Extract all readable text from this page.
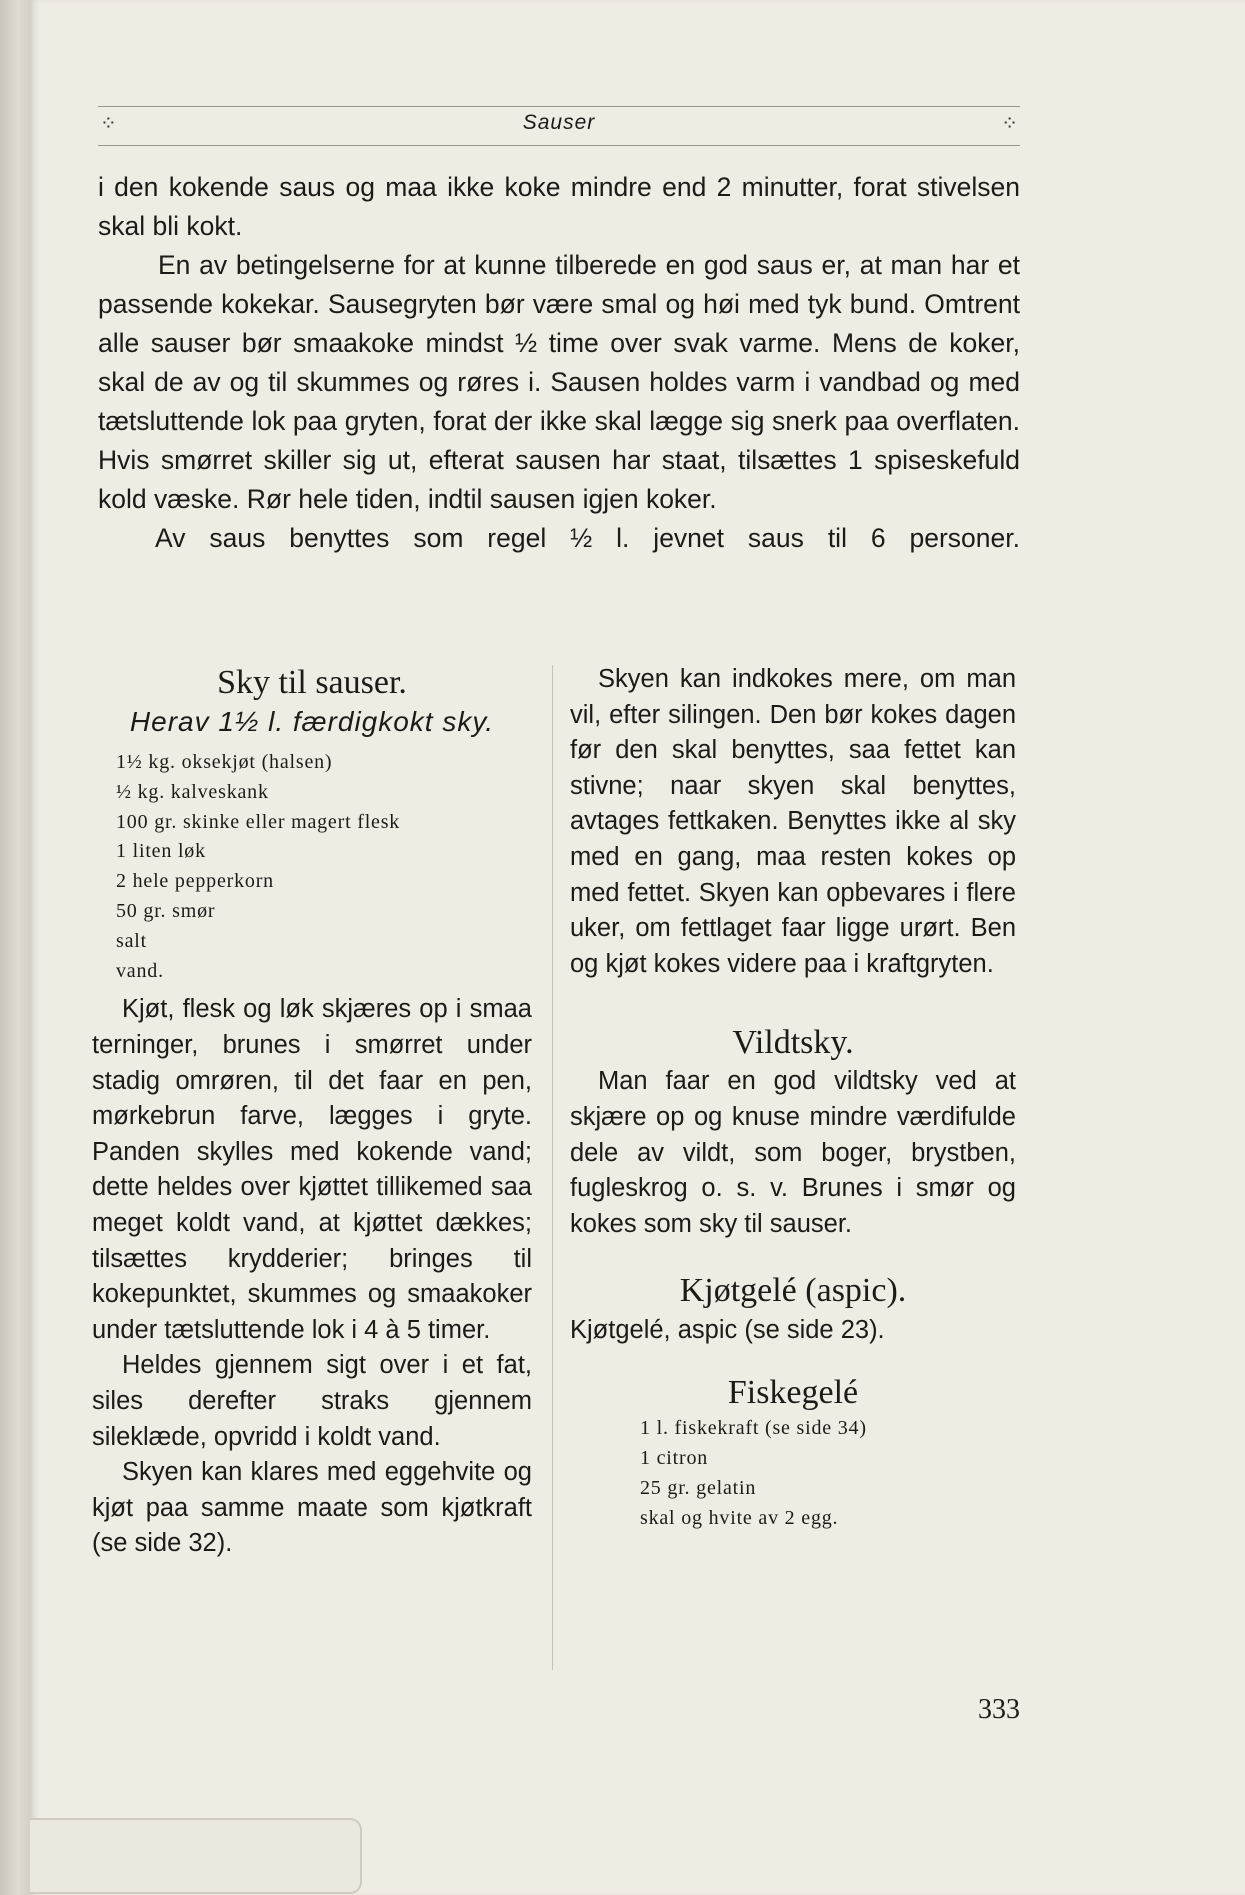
⁘	Sauser	⁘

i den kokende saus og maa ikke koke mindre end 2 minutter, forat stivelsen skal bli kokt.

En av betingelserne for at kunne tilberede en god saus er, at man har et passende kokekar. Sausegryten bør være smal og høi med tyk bund. Omtrent alle sauser bør smaakoke mindst ½ time over svak varme. Mens de koker, skal de av og til skummes og røres i. Sausen holdes varm i vandbad og med tætsluttende lok paa gryten, forat der ikke skal lægge sig snerk paa overflaten. Hvis smørret skiller sig ut, efterat sausen har staat, tilsættes 1 spiseskefuld kold væske. Rør hele tiden, indtil sausen igjen koker.

Av saus benyttes som regel ½ l. jevnet saus til 6 personer.

Sky til sauser.
Herav 1½ l. færdigkokt sky.
1½ kg. oksekjøt (halsen)
½ kg. kalveskank
100 gr. skinke eller magert flesk
1 liten løk
2 hele pepperkorn
50 gr. smør
salt
vand.

Kjøt, flesk og løk skjæres op i smaa terninger, brunes i smørret under stadig omrøren, til det faar en pen, mørkebrun farve, lægges i gryte. Panden skylles med kokende vand; dette heldes over kjøttet tillikemed saa meget koldt vand, at kjøttet dækkes; tilsættes krydderier; bringes til kokepunktet, skummes og smaakoker under tætsluttende lok i 4 à 5 timer.

Heldes gjennem sigt over i et fat, siles derefter straks gjennem sileklæde, opvridd i koldt vand.

Skyen kan klares med eggehvite og kjøt paa samme maate som kjøtkraft (se side 32).

Skyen kan indkokes mere, om man vil, efter silingen. Den bør kokes dagen før den skal benyttes, saa fettet kan stivne; naar skyen skal benyttes, avtages fettkaken. Benyttes ikke al sky med en gang, maa resten kokes op med fettet. Skyen kan opbevares i flere uker, om fettlaget faar ligge urørt. Ben og kjøt kokes videre paa i kraftgryten.

Vildtsky.

Man faar en god vildtsky ved at skjære op og knuse mindre værdifulde dele av vildt, som boger, brystben, fugleskrog o. s. v. Brunes i smør og kokes som sky til sauser.

Kjøtgelé (aspic).

Kjøtgelé, aspic (se side 23).

Fiskegelé
1 l. fiskekraft (se side 34)
1 citron
25 gr. gelatin
skal og hvite av 2 egg.
333
